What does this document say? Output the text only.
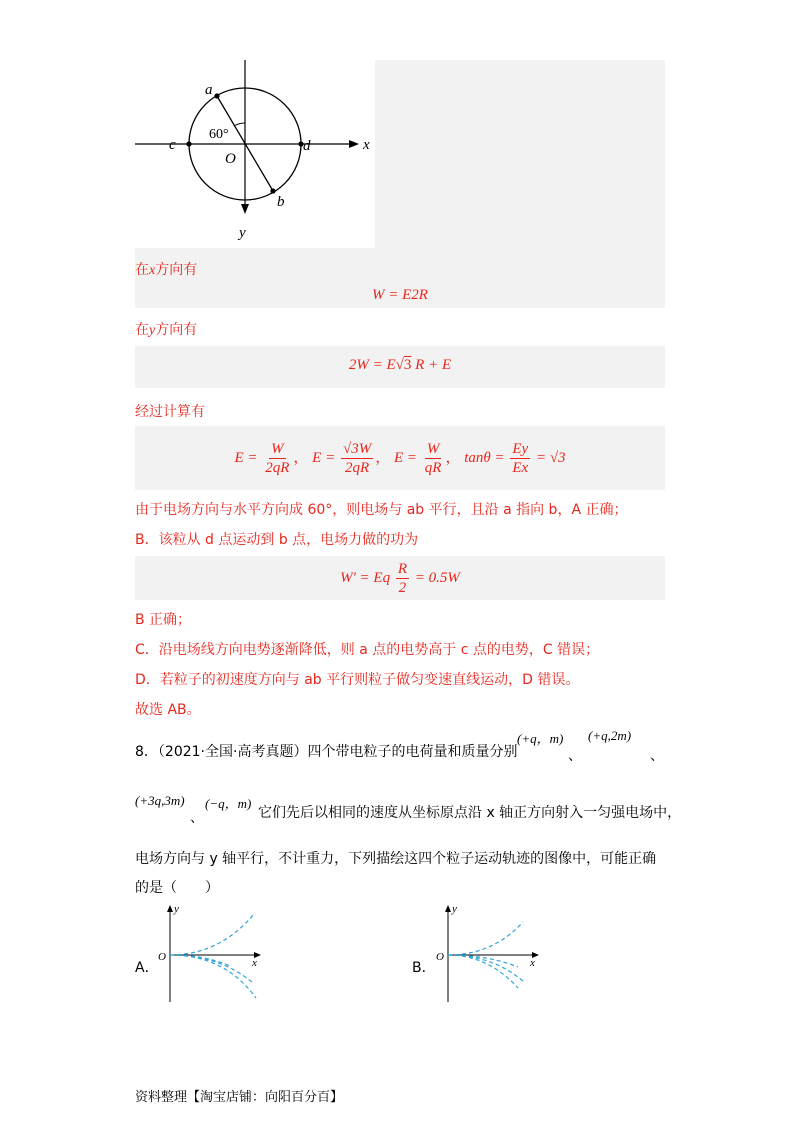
a
b
c	d
O
x
y
60°
在x方向有
W = E2R
在y方向有
2W = E√3 R + E
经过计算有
$E = \frac{W}{2qR}$ ， $E = \frac{√3W}{2qR}$ ， $E = \frac{W}{qR}$ ， $\tan\theta = \frac{Ey}{Ex} = √3$
由于电场方向与水平方向成 60°，则电场与 ab 平行，且沿 a 指向 b，A 正确；
B．该粒从 d 点运动到 b 点，电场力做的功为
W' = Eq $\frac{R}{2} = 0.5W$
B 正确；
C．沿电场线方向电势逐渐降低，则 a 点的电势高于 c 点的电势，C 错误；
D．若粒子的初速度方向与 ab 平行则粒子做匀变速直线运动，D 错误。
故选 AB。
8．（2021·全国·高考真题）四个带电粒子的电荷量和质量分别
(+q，m)
、
(+q,2m)
、
(+3q,3m)
、
(−q，m)
它们先后以相同的速度从坐标原点沿 x 轴正方向射入一匀强电场中，
电场方向与 y 轴平行，不计重力，下列描绘这四个粒子运动轨迹的图像中，可能正确
的是（　　）
A．
y
O	x	B．
y
O	x
资料整理【淘宝店铺：向阳百分百】
